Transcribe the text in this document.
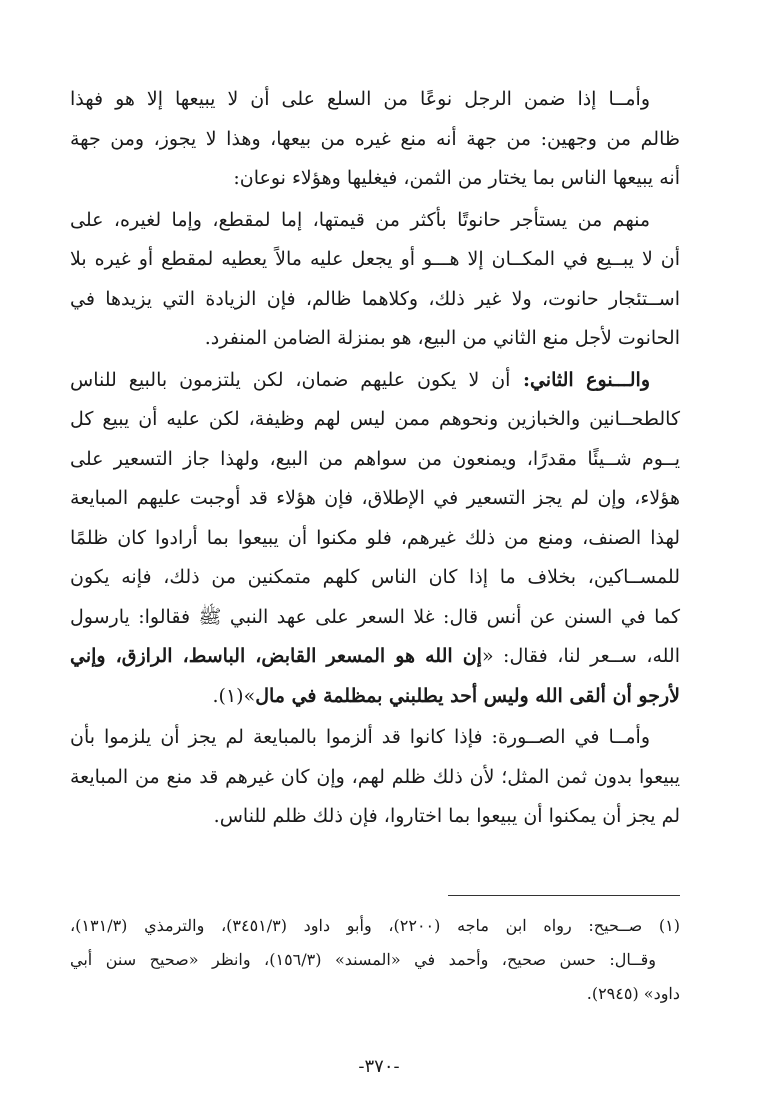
وأمــا إذا ضمن الرجل نوعًا من السلع على أن لا يبيعها إلا هو فهذا
ظالم من وجهين: من جهة أنه منع غيره من بيعها، وهذا لا يجوز، ومن جهة
أنه يبيعها الناس بما يختار من الثمن، فيغليها وهؤلاء نوعان:
منهم من يستأجر حانوتًا بأكثر من قيمتها، إما لمقطع، وإما لغيره، على
أن لا يبــيع في المكــان إلا هـــو أو يجعل عليه مالاً يعطيه لمقطع أو غيره بلا
اســتئجار حانوت، ولا غير ذلك، وكلاهما ظالم، فإن الزيادة التي يزيدها في
الحانوت لأجل منع الثاني من البيع، هو بمنزلة الضامن المنفرد.
والـــنوع الثاني: أن لا يكون عليهم ضمان، لكن يلتزمون بالبيع للناس
كالطحــانين والخبازين ونحوهم ممن ليس لهم وظيفة، لكن عليه أن يبيع كل
يــوم شــيئًا مقدرًا، ويمنعون من سواهم من البيع، ولهذا جاز التسعير على
هؤلاء، وإن لم يجز التسعير في الإطلاق، فإن هؤلاء قد أوجبت عليهم المبايعة
لهذا الصنف، ومنع من ذلك غيرهم، فلو مكنوا أن يبيعوا بما أرادوا كان ظلمًا
للمســاكين، بخلاف ما إذا كان الناس كلهم متمكنين من ذلك، فإنه يكون
كما في السنن عن أنس قال: غلا السعر على عهد النبي ﷺ فقالوا: يارسول
الله، ســعر لنا، فقال: «إن الله هو المسعر القابض، الباسط، الرازق، وإني
لأرجو أن ألقى الله وليس أحد يطلبني بمظلمة في مال»(١).
وأمــا في الصــورة: فإذا كانوا قد ألزموا بالمبايعة لم يجز أن يلزموا بأن
يبيعوا بدون ثمن المثل؛ لأن ذلك ظلم لهم، وإن كان غيرهم قد منع من المبايعة
لم يجز أن يمكنوا أن يبيعوا بما اختاروا، فإن ذلك ظلم للناس.
(١) صــحيح: رواه ابن ماجه (٢٢٠٠)، وأبو داود (٣٤٥١/٣)، والترمذي (١٣١/٣)،
وقــال: حسن صحيح، وأحمد في «المسند» (١٥٦/٣)، وانظر «صحيح سنن أبي
داود» (٢٩٤٥).
-٣٧٠-
